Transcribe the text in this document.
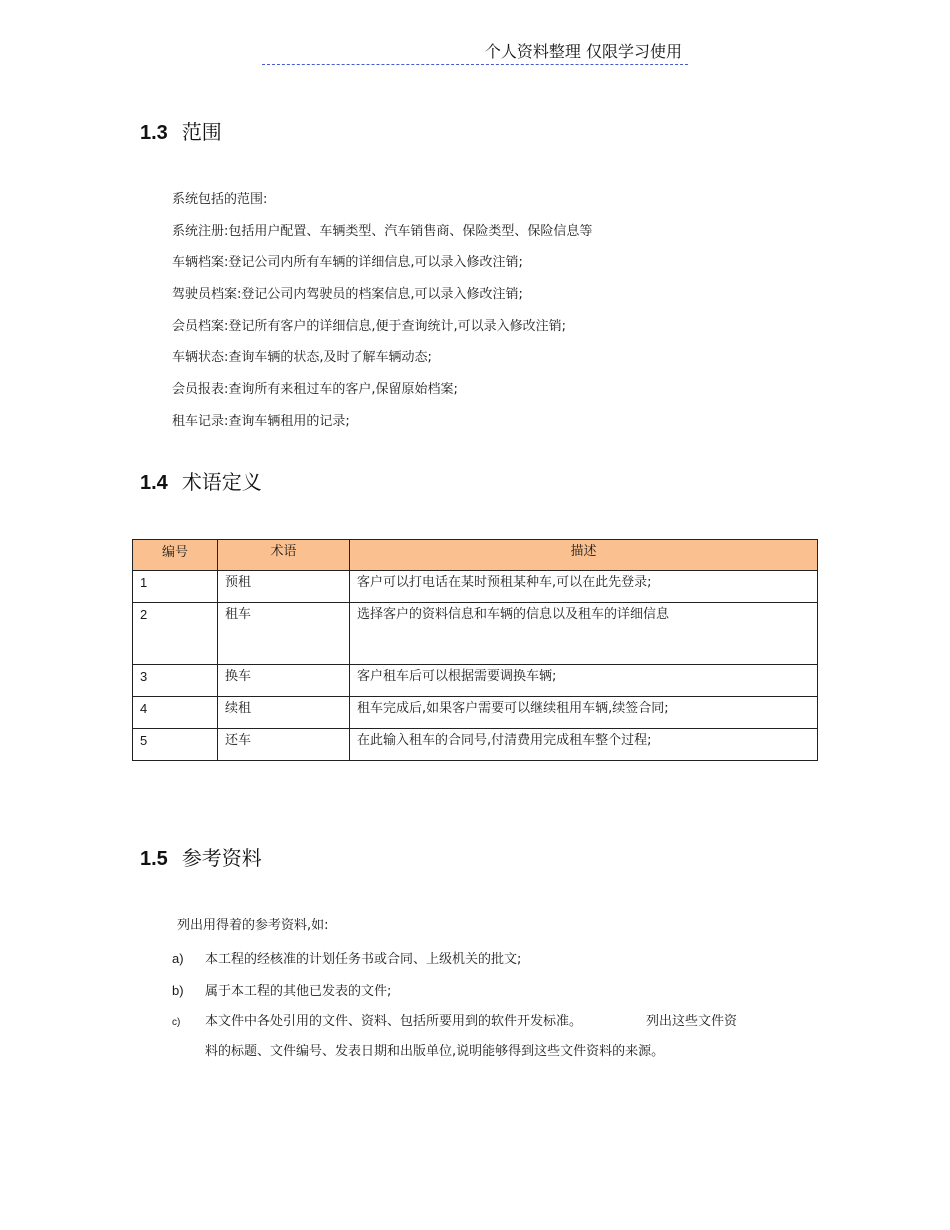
个人资料整理 仅限学习使用
1.3 范围
系统包括的范围:
系统注册:包括用户配置、车辆类型、汽车销售商、保险类型、保险信息等
车辆档案:登记公司内所有车辆的详细信息,可以录入修改注销;
驾驶员档案:登记公司内驾驶员的档案信息,可以录入修改注销;
会员档案:登记所有客户的详细信息,便于查询统计,可以录入修改注销;
车辆状态:查询车辆的状态,及时了解车辆动态;
会员报表:查询所有来租过车的客户,保留原始档案;
租车记录:查询车辆租用的记录;
1.4 术语定义
编号	术语	描述
1	预租	客户可以打电话在某时预租某种车,可以在此先登录;
2	租车	选择客户的资料信息和车辆的信息以及租车的详细信息
3	换车	客户租车后可以根据需要调换车辆;
4	续租	租车完成后,如果客户需要可以继续租用车辆,续签合同;
5	还车	在此输入租车的合同号,付清费用完成租车整个过程;
1.5 参考资料
列出用得着的参考资料,如:
a) 本工程的经核准的计划任务书或合同、上级机关的批文;
b) 属于本工程的其他已发表的文件;
c) 本文件中各处引用的文件、资料、包括所要用到的软件开发标准。	列出这些文件资
料的标题、文件编号、发表日期和出版单位,说明能够得到这些文件资料的来源。
